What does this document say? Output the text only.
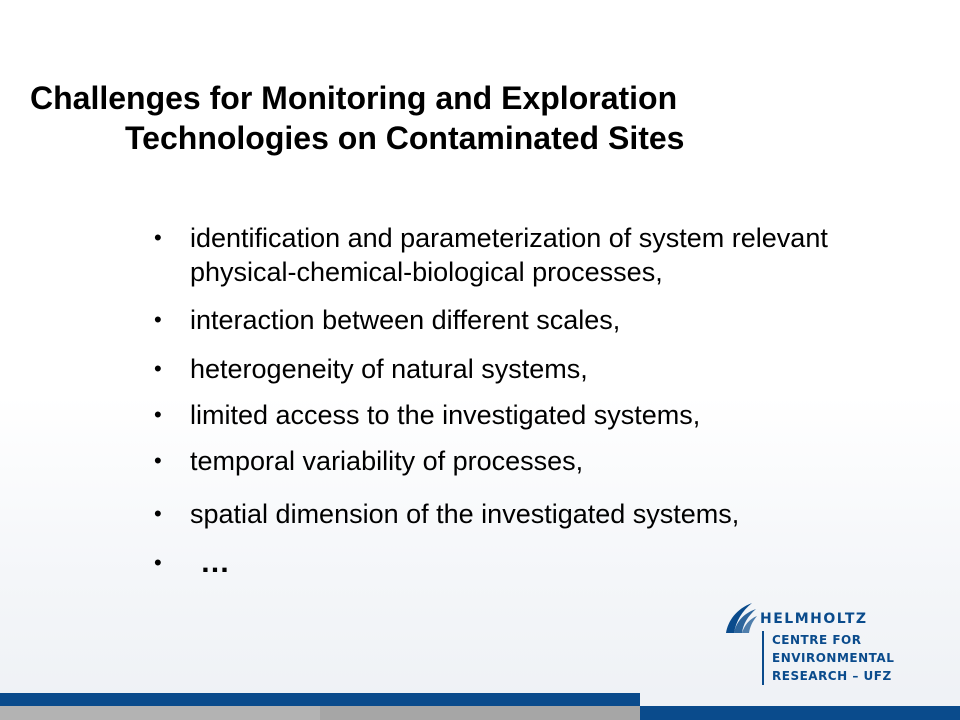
Challenges for Monitoring and Exploration
Technologies on Contaminated Sites
• identification and parameterization of system relevant
physical-chemical-biological processes,
• interaction between different scales,
• heterogeneity of natural systems,
• limited access to the investigated systems,
• temporal variability of processes,
• spatial dimension of the investigated systems,
• …
HELMHOLTZ
CENTRE FOR
ENVIRONMENTAL
RESEARCH – UFZ
